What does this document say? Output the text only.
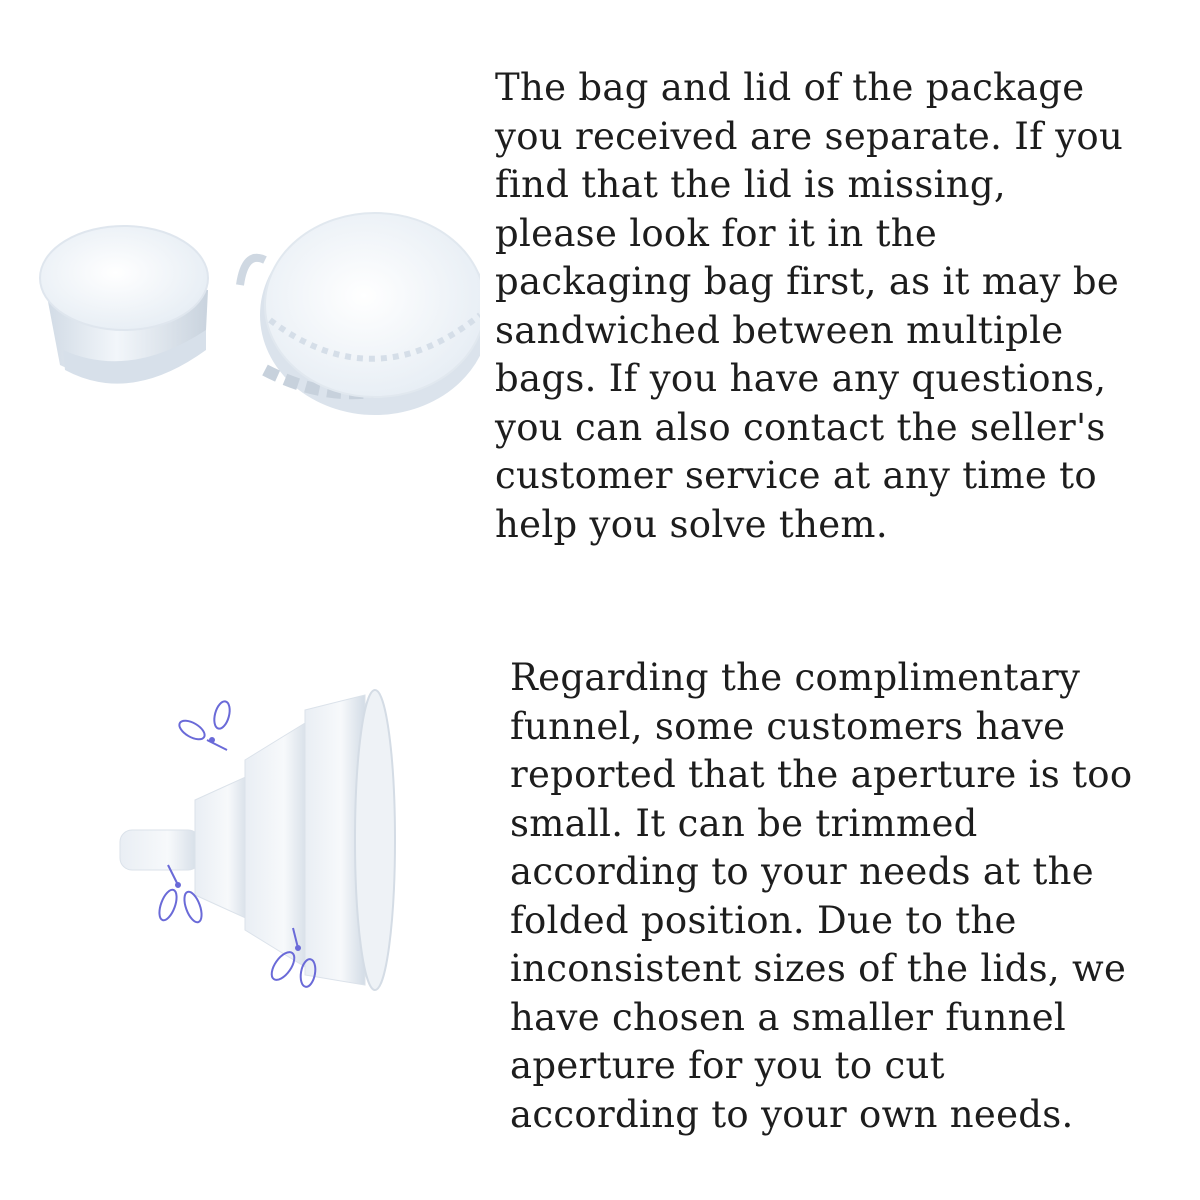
The bag and lid of the package
you received are separate. If you
find that the lid is missing,
please look for it in the
packaging bag first, as it may be
sandwiched between multiple
bags. If you have any questions,
you can also contact the seller's
customer service at any time to
help you solve them.

Regarding the complimentary
funnel, some customers have
reported that the aperture is too
small. It can be trimmed
according to your needs at the
folded position. Due to the
inconsistent sizes of the lids, we
have chosen a smaller funnel
aperture for you to cut
according to your own needs.
